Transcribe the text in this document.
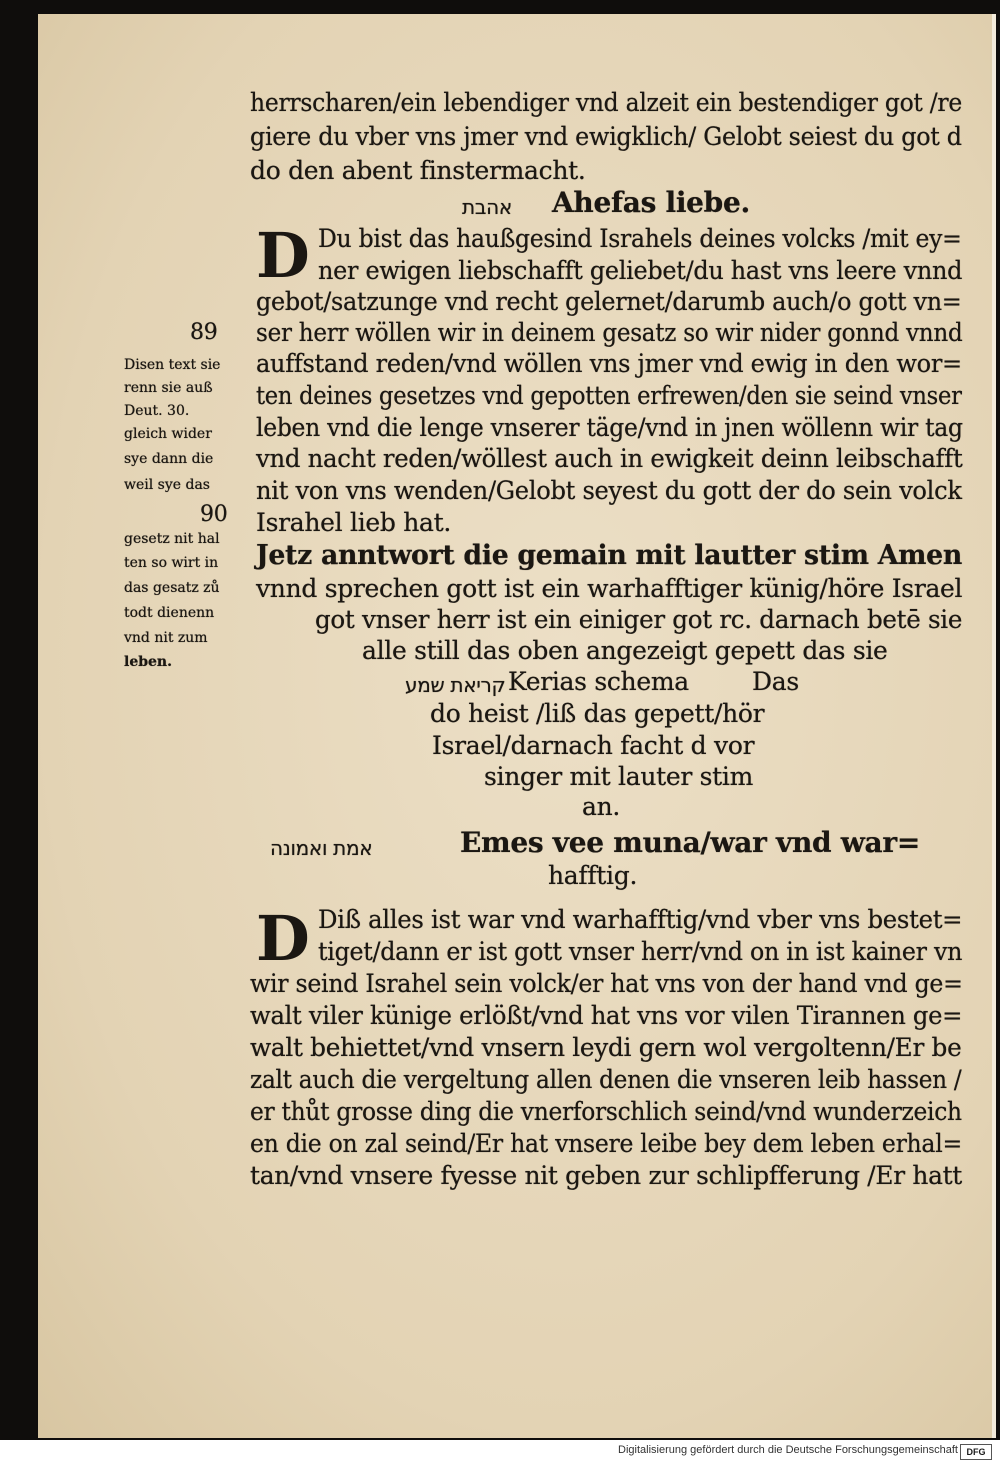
herrscharen/ein lebendiger vnd alzeit ein bestendiger got /re
giere du vber vns jmer vnd ewigklich/ Gelobt seiest du got d
do den abent finstermacht.
אהבת Ahefas liebe.
D Du bist das haußgesind Israhels deines volcks /mit ey=
ner ewigen liebschafft geliebet/du hast vns leere vnnd
gebot/satzunge vnd recht gelernet/darumb auch/o gott vn=
ser herr wöllen wir in deinem gesatz so wir nider gonnd vnnd
auffstand reden/vnd wöllen vns jmer vnd ewig in den wor=
ten deines gesetzes vnd gepotten erfrewen/den sie seind vnser
leben vnd die lenge vnserer täge/vnd in jnen wöllenn wir tag
vnd nacht reden/wöllest auch in ewigkeit deinn leibschafft
nit von vns wenden/Gelobt seyest du gott der do sein volck
Israhel lieb hat.
89
Disen text sie
renn sie auß
Deut. 30.
gleich wider
sye dann die
weil sye das
90
gesetz nit hal
ten so wirt in
das gesatz zů
todt dienenn
vnd nit zum
leben.
Jetz anntwort die gemain mit lautter stim Amen
vnnd sprechen gott ist ein warhafftiger künig/höre Israel
got vnser herr ist ein einiger got rc. darnach betē sie
alle still das oben angezeigt gepett das sie
קריאת שמע Kerias schema	Das
do heist /liß das gepett/hör
Israel/darnach facht d vor
singer mit lauter stim
an.
אמת ואמונה	Emes vee muna/war vnd war=
hafftig.
D Diß alles ist war vnd warhafftig/vnd vber vns bestet=
tiget/dann er ist gott vnser herr/vnd on in ist kainer vn
wir seind Israhel sein volck/er hat vns von der hand vnd ge=
walt viler künige erlößt/vnd hat vns vor vilen Tirannen ge=
walt behiettet/vnd vnsern leydi gern wol vergoltenn/Er be
zalt auch die vergeltung allen denen die vnseren leib hassen /
er thůt grosse ding die vnerforschlich seind/vnd wunderzeich
en die on zal seind/Er hat vnsere leibe bey dem leben erhal=
tan/vnd vnsere fyesse nit geben zur schlipfferung /Er hatt
Digitalisierung gefördert durch die Deutsche Forschungsgemeinschaft DFG
